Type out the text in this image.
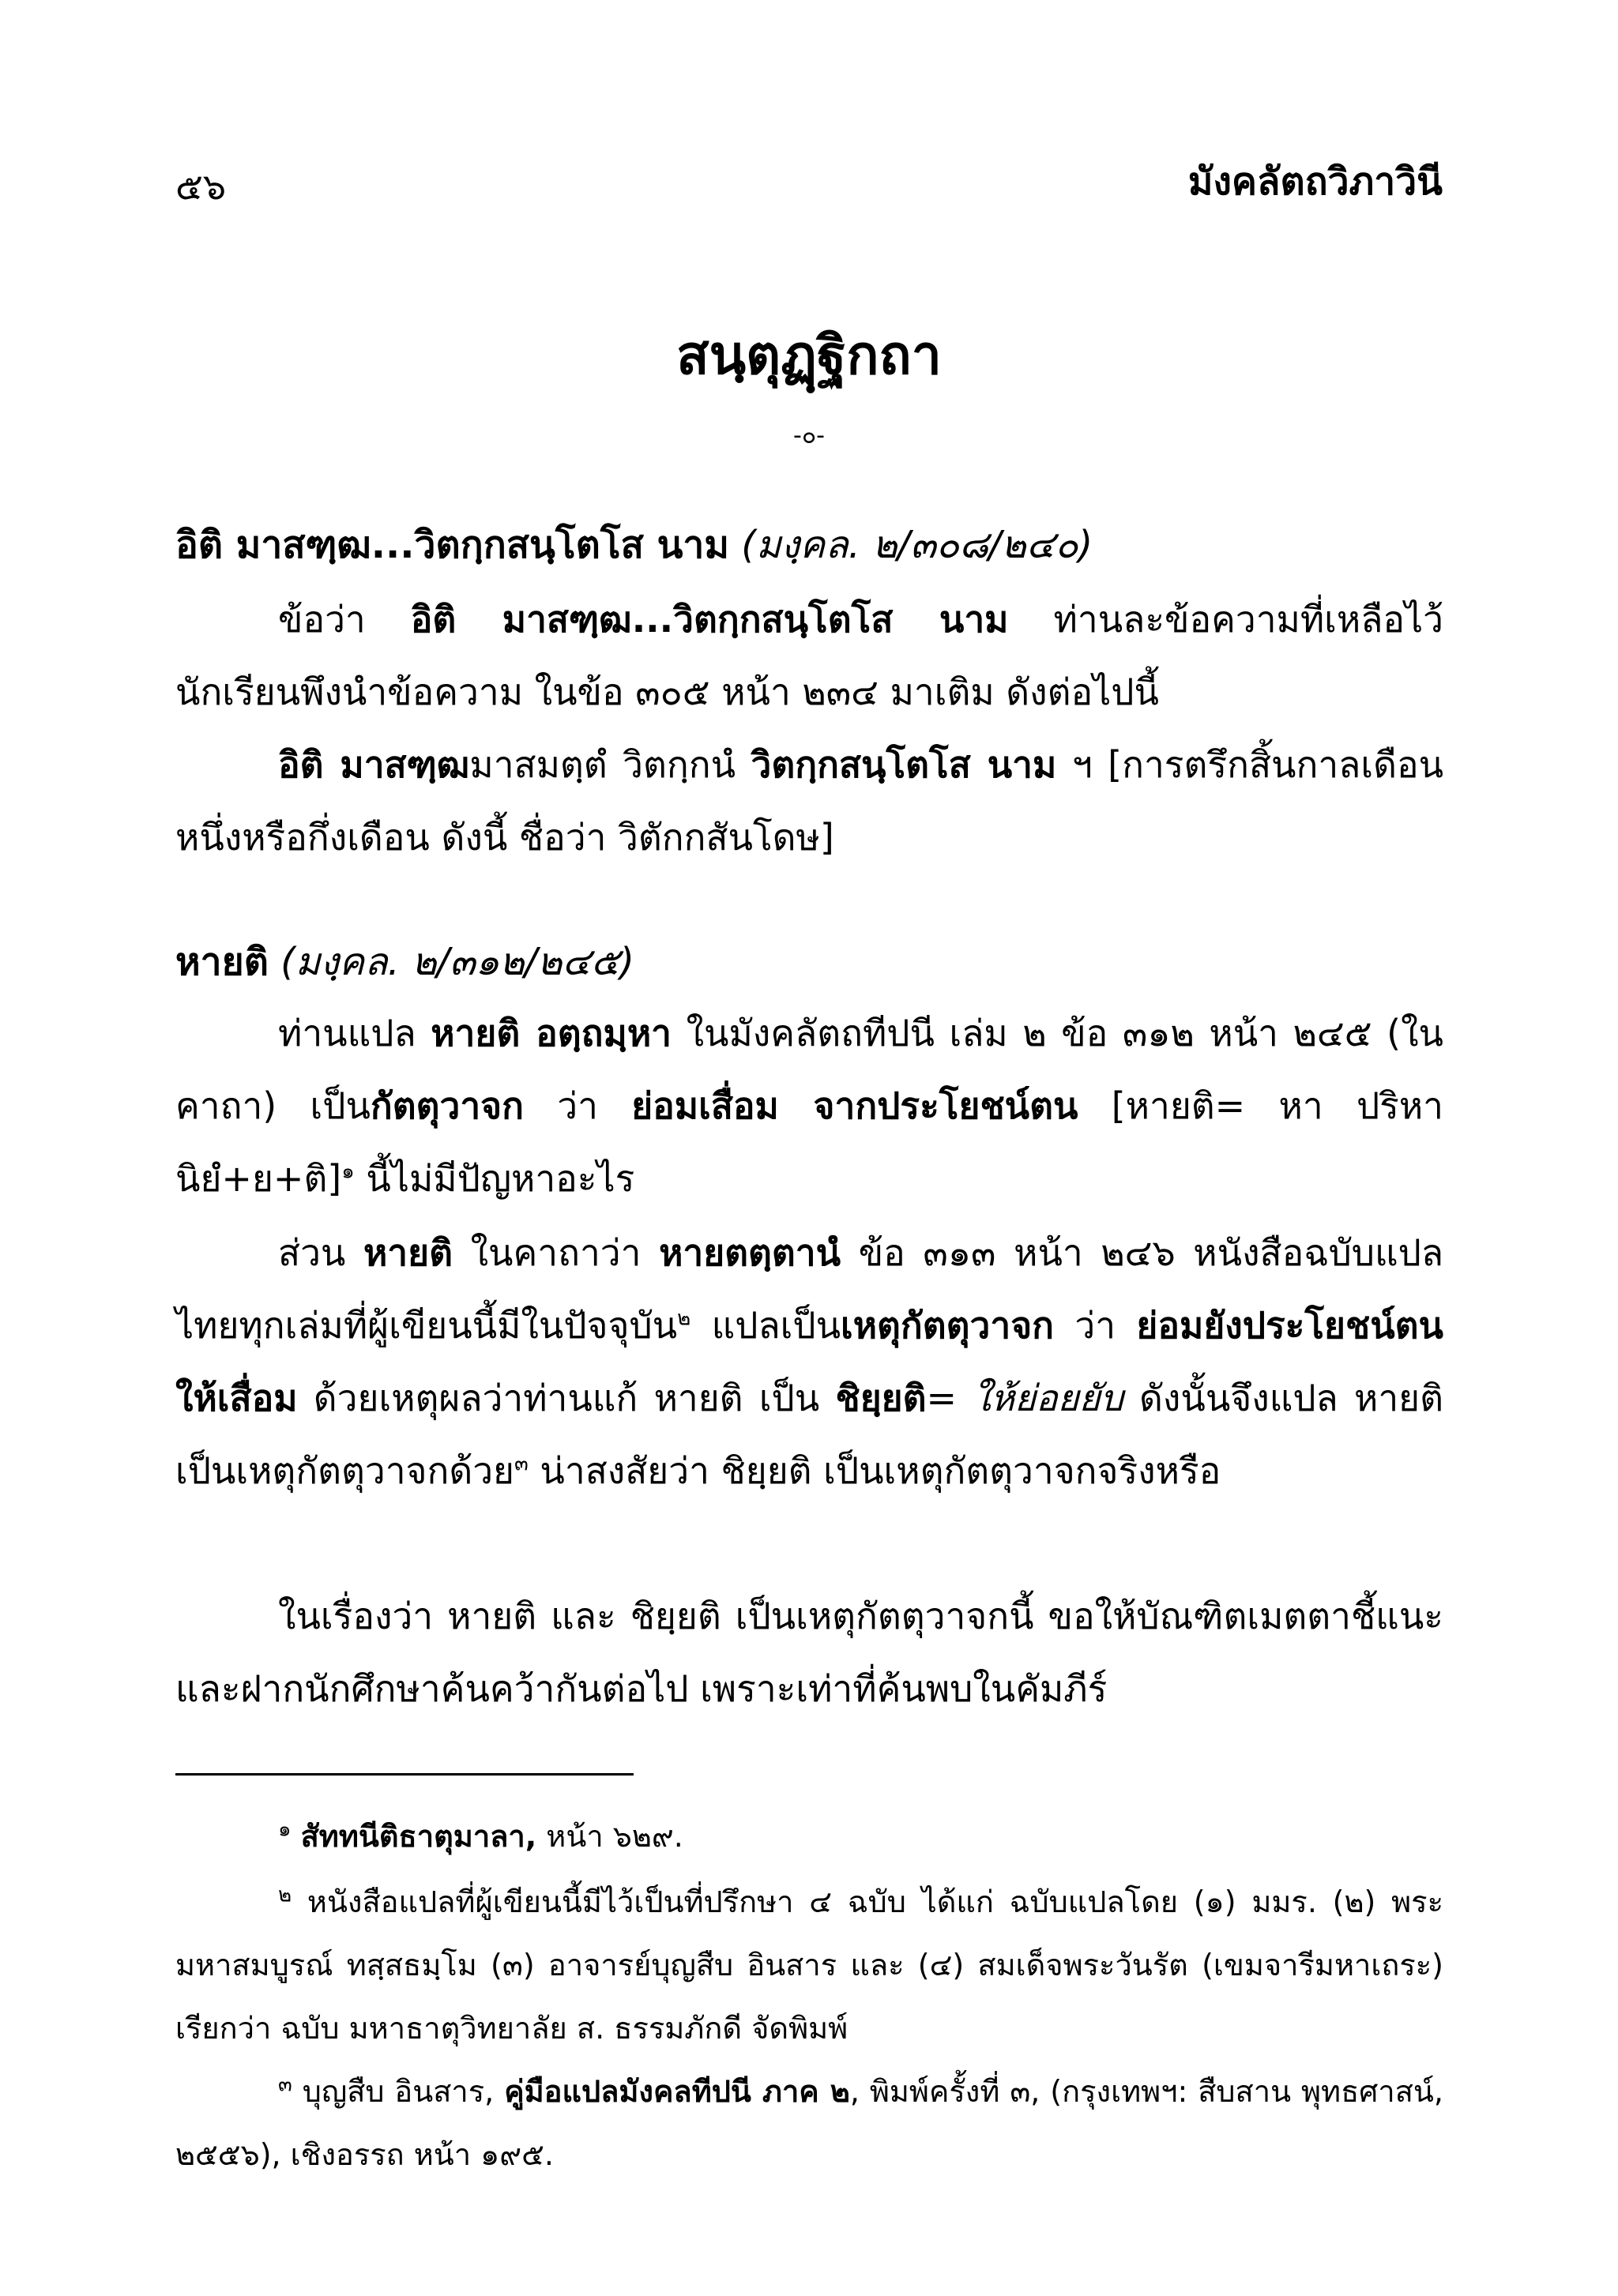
๕๖	มังคลัตถวิภาวินี
สนฺตุฏฺฐิกถา
-๐-
อิติ มาสฑฺฒ...วิตกฺกสนฺโตโส นาม (มงฺคล. ๒/๓๐๘/๒๔๐)

ข้อว่า อิติ มาสฑฺฒ...วิตกฺกสนฺโตโส นาม ท่านละข้อความที่เหลือไว้ นักเรียนพึงนำข้อความ ในข้อ ๓๐๕ หน้า ๒๓๔ มาเติม ดังต่อไปนี้

อิติ มาสฑฺฒมาสมตฺตํ วิตกฺกนํ วิตกฺกสนฺโตโส นาม ฯ [การตรึกสิ้นกาลเดือนหนึ่งหรือกึ่งเดือน ดังนี้ ชื่อว่า วิตักกสันโดษ]

หายติ (มงฺคล. ๒/๓๑๒/๒๔๕)

ท่านแปล หายติ อตฺถมฺหา ในมังคลัตถทีปนี เล่ม ๒ ข้อ ๓๑๒ หน้า ๒๔๕ (ในคาถา) เป็นกัตตุวาจก ว่า ย่อมเสื่อม จากประโยชน์ตน [หายติ= หา ปริหานิยํ+ย+ติ]$^๑$ นี้ไม่มีปัญหาอะไร

ส่วน หายติ ในคาถาว่า หายตตฺตานํ ข้อ ๓๑๓ หน้า ๒๔๖ หนังสือฉบับแปลไทยทุกเล่มที่ผู้เขียนนี้มีในปัจจุบัน$^๒$ แปลเป็นเหตุกัตตุวาจก ว่า ย่อมยังประโยชน์ตนให้เสื่อม ด้วยเหตุผลว่าท่านแก้ หายติ เป็น ชิยฺยติ= ให้ย่อยยับ ดังนั้นจึงแปล หายติ เป็นเหตุกัตตุวาจกด้วย$^๓$ น่าสงสัยว่า ชิยฺยติ เป็นเหตุกัตตุวาจกจริงหรือ

ในเรื่องว่า หายติ และ ชิยฺยติ เป็นเหตุกัตตุวาจกนี้ ขอให้บัณฑิตเมตตาชี้แนะและฝากนักศึกษาค้นคว้ากันต่อไป เพราะเท่าที่ค้นพบในคัมภีร์

$^๑$ สัททนีติธาตุมาลา, หน้า ๖๒๙.

$^๒$ หนังสือแปลที่ผู้เขียนนี้มีไว้เป็นที่ปรึกษา ๔ ฉบับ ได้แก่ ฉบับแปลโดย (๑) มมร. (๒) พระมหาสมบูรณ์ ทสฺสธมฺโม (๓) อาจารย์บุญสืบ อินสาร และ (๔) สมเด็จพระวันรัต (เขมจารีมหาเถระ) เรียกว่า ฉบับ มหาธาตุวิทยาลัย ส. ธรรมภักดี จัดพิมพ์

$^๓$ บุญสืบ อินสาร, คู่มือแปลมังคลทีปนี ภาค ๒, พิมพ์ครั้งที่ ๓, (กรุงเทพฯ: สืบสาน พุทธศาสน์, ๒๕๕๖), เชิงอรรถ หน้า ๑๙๕.
